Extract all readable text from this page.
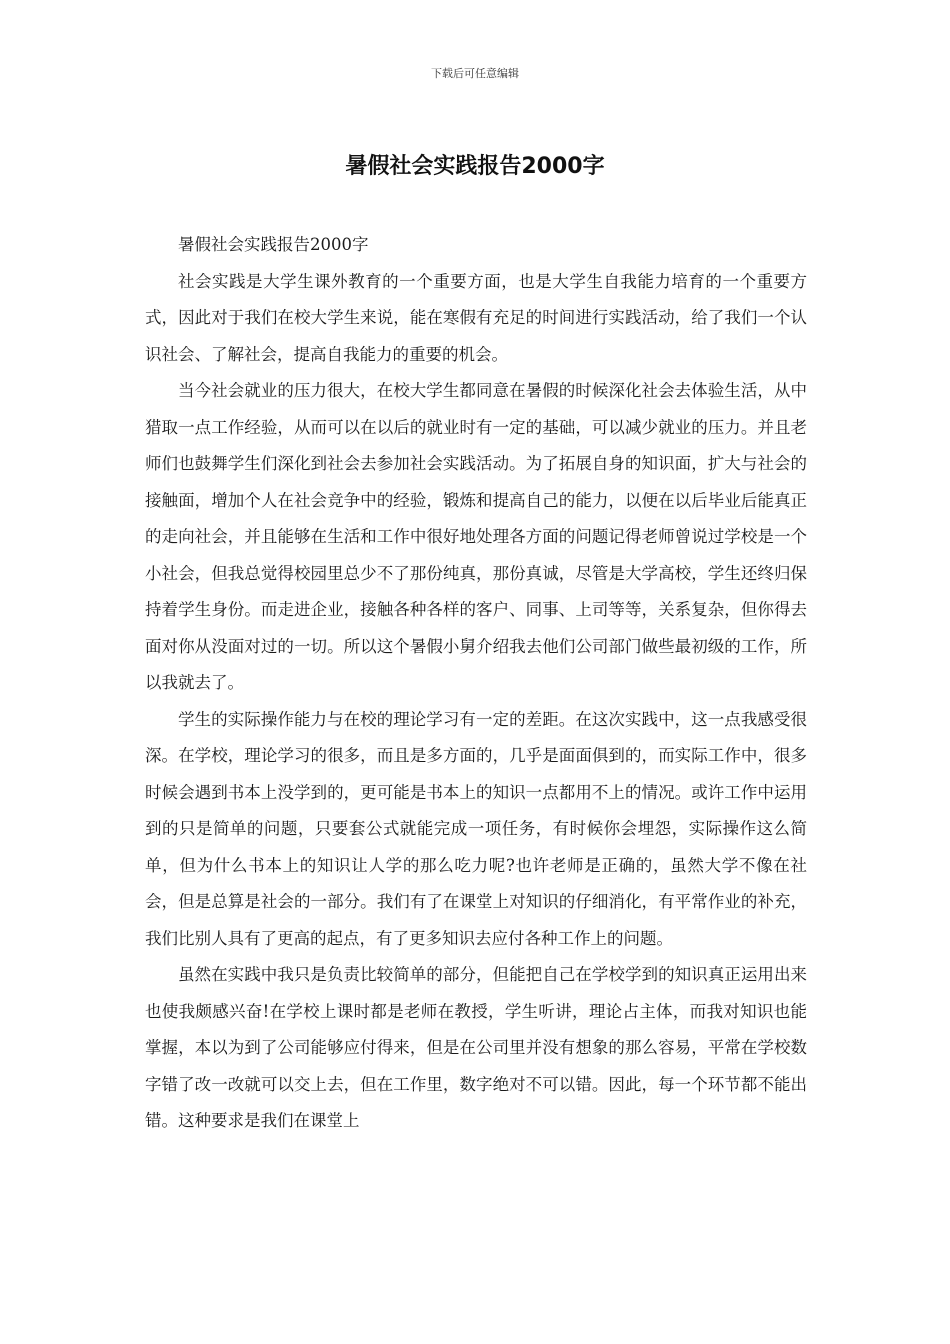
下载后可任意编辑
暑假社会实践报告2000字

暑假社会实践报告2000字

社会实践是大学生课外教育的一个重要方面，也是大学生自我能力培育的一个重要方式，因此对于我们在校大学生来说，能在寒假有充足的时间进行实践活动，给了我们一个认识社会、了解社会，提高自我能力的重要的机会。

当今社会就业的压力很大，在校大学生都同意在暑假的时候深化社会去体验生活，从中猎取一点工作经验，从而可以在以后的就业时有一定的基础，可以减少就业的压力。并且老师们也鼓舞学生们深化到社会去参加社会实践活动。为了拓展自身的知识面，扩大与社会的接触面，增加个人在社会竞争中的经验，锻炼和提高自己的能力，以便在以后毕业后能真正的走向社会，并且能够在生活和工作中很好地处理各方面的问题记得老师曾说过学校是一个小社会，但我总觉得校园里总少不了那份纯真，那份真诚，尽管是大学高校，学生还终归保持着学生身份。而走进企业，接触各种各样的客户、同事、上司等等，关系复杂，但你得去面对你从没面对过的一切。所以这个暑假小舅介绍我去他们公司部门做些最初级的工作，所以我就去了。

学生的实际操作能力与在校的理论学习有一定的差距。在这次实践中，这一点我感受很深。在学校，理论学习的很多，而且是多方面的，几乎是面面俱到的，而实际工作中，很多时候会遇到书本上没学到的，更可能是书本上的知识一点都用不上的情况。或许工作中运用到的只是简单的问题，只要套公式就能完成一项任务，有时候你会埋怨，实际操作这么简单，但为什么书本上的知识让人学的那么吃力呢?也许老师是正确的，虽然大学不像在社会，但是总算是社会的一部分。我们有了在课堂上对知识的仔细消化，有平常作业的补充，我们比别人具有了更高的起点，有了更多知识去应付各种工作上的问题。

虽然在实践中我只是负责比较简单的部分，但能把自己在学校学到的知识真正运用出来也使我颇感兴奋!在学校上课时都是老师在教授，学生听讲，理论占主体，而我对知识也能掌握，本以为到了公司能够应付得来，但是在公司里并没有想象的那么容易，平常在学校数字错了改一改就可以交上去，但在工作里，数字绝对不可以错。因此，每一个环节都不能出错。这种要求是我们在课堂上
